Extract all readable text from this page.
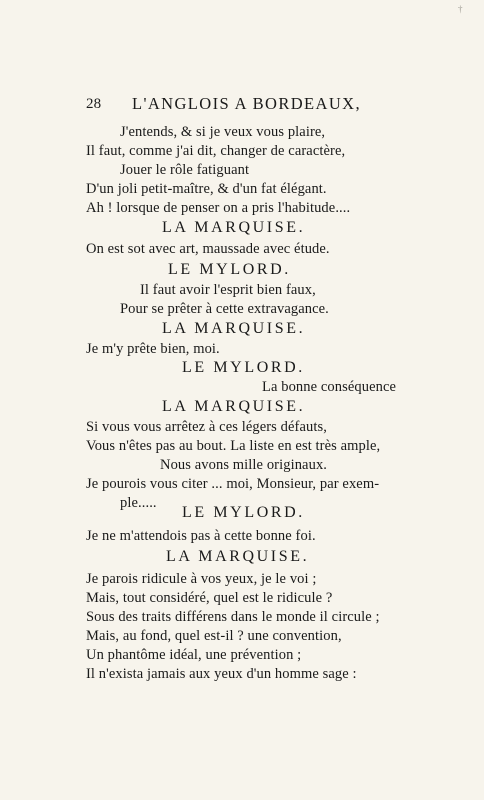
†
28 L'ANGLOIS A BORDEAUX,
J'entends, & si je veux vous plaire,
Il faut, comme j'ai dit, changer de caractère,
Jouer le rôle fatiguant
D'un joli petit-maître, & d'un fat élégant.
Ah ! lorsque de penser on a pris l'habitude....
LA MARQUISE.
On est sot avec art, maussade avec étude.
LE MYLORD.
Il faut avoir l'esprit bien faux,
Pour se prêter à cette extravagance.
LA MARQUISE.
Je m'y prête bien, moi.
LE MYLORD.
La bonne conséquence
LA MARQUISE.
Si vous vous arrêtez à ces légers défauts,
Vous n'êtes pas au bout. La liste en est très ample,
Nous avons mille originaux.
Je pourois vous citer ... moi, Monsieur, par exem-
ple.....
LE MYLORD.
Je ne m'attendois pas à cette bonne foi.
LA MARQUISE.
Je parois ridicule à vos yeux, je le voi ;
Mais, tout considéré, quel est le ridicule ?
Sous des traits différens dans le monde il circule ;
Mais, au fond, quel est-il ? une convention,
Un phantôme idéal, une prévention ;
Il n'exista jamais aux yeux d'un homme sage :
